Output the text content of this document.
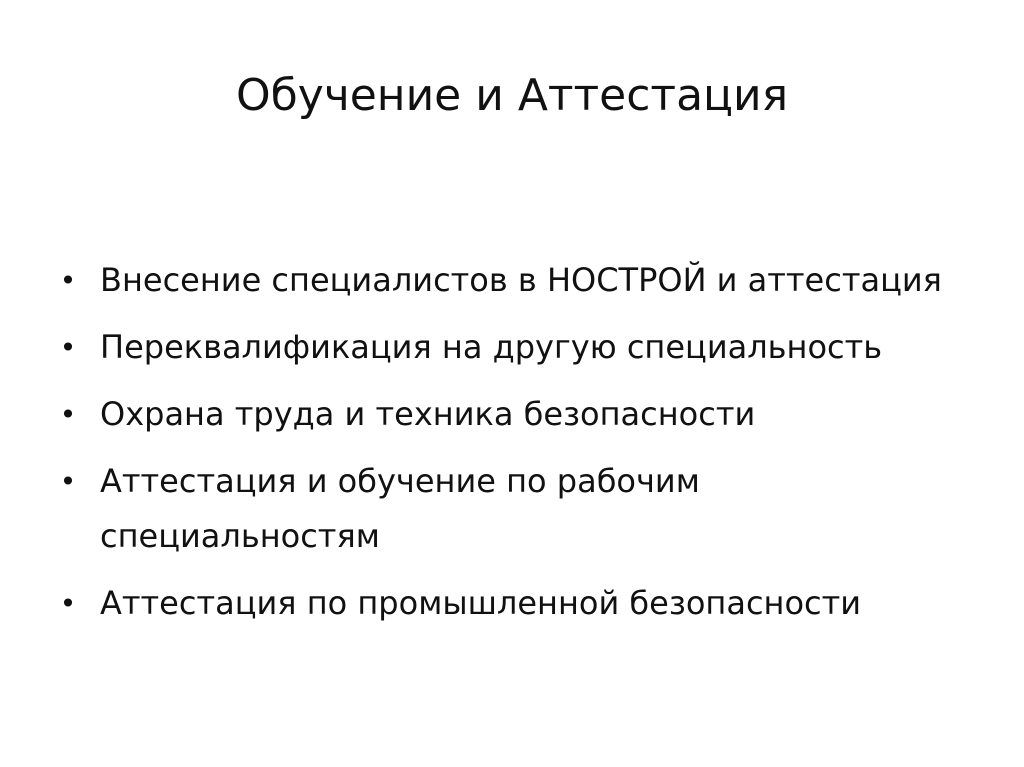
Обучение и Аттестация
• Внесение специалистов в НОСТРОЙ и аттестация
• Переквалификация на другую специальность
• Охрана труда и техника безопасности
• Аттестация и обучение по рабочим специальностям
• Аттестация по промышленной безопасности
